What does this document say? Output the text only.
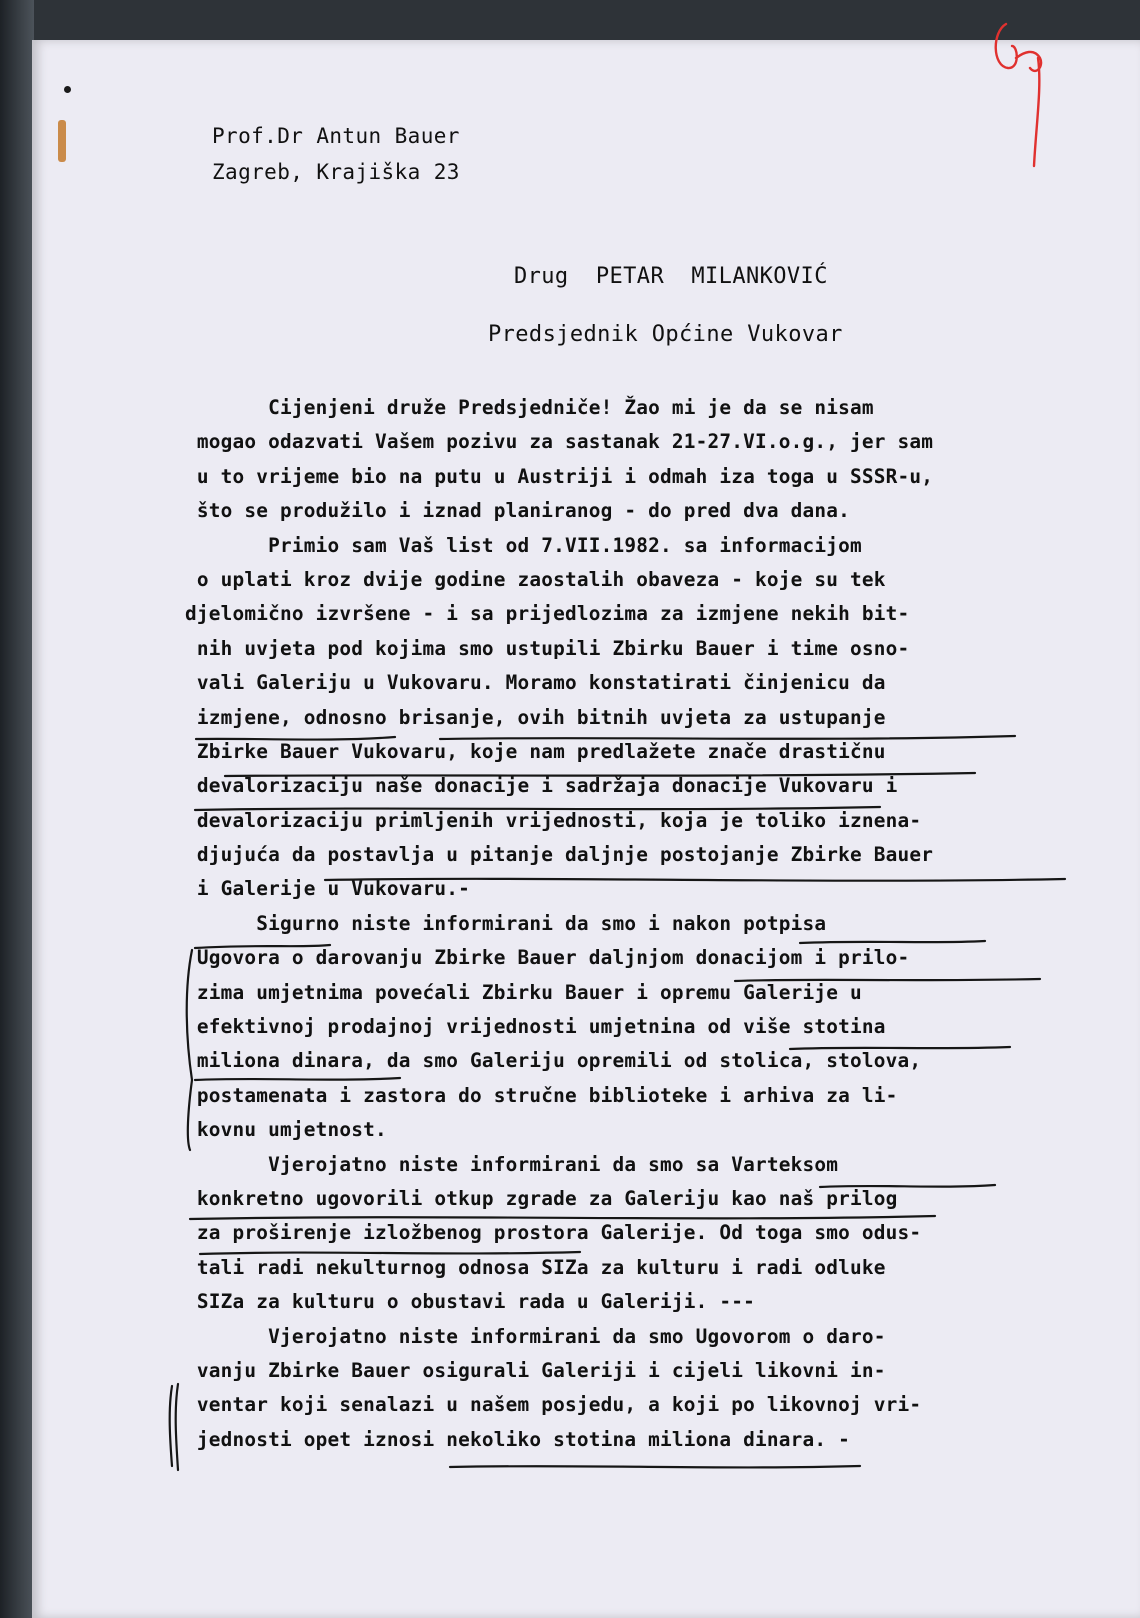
Prof.Dr Antun Bauer
Zagreb, Krajiška 23
Drug  PETAR  MILANKOVIĆ
Predsjednik Općine Vukovar
Cijenjeni druže Predsjedniče! Žao mi je da se nisam
mogao odazvati Vašem pozivu za sastanak 21-27.VI.o.g., jer sam
u to vrijeme bio na putu u Austriji i odmah iza toga u SSSR-u,
što se produžilo i iznad planiranog - do pred dva dana.
Primio sam Vaš list od 7.VII.1982. sa informacijom
o uplati kroz dvije godine zaostalih obaveza - koje su tek
djelomično izvršene - i sa prijedlozima za izmjene nekih bit-
nih uvjeta pod kojima smo ustupili Zbirku Bauer i time osno-
vali Galeriju u Vukovaru. Moramo konstatirati činjenicu da
izmjene, odnosno brisanje, ovih bitnih uvjeta za ustupanje
Zbirke Bauer Vukovaru, koje nam predlažete znače drastičnu
devalorizaciju naše donacije i sadržaja donacije Vukovaru i
devalorizaciju primljenih vrijednosti, koja je toliko iznena-
djujuća da postavlja u pitanje daljnje postojanje Zbirke Bauer
i Galerije u Vukovaru.-
Sigurno niste informirani da smo i nakon potpisa
Ugovora o darovanju Zbirke Bauer daljnjom donacijom i prilo-
zima umjetnima povećali Zbirku Bauer i opremu Galerije u
efektivnoj prodajnoj vrijednosti umjetnina od više stotina
miliona dinara, da smo Galeriju opremili od stolica, stolova,
postamenata i zastora do stručne biblioteke i arhiva za li-
kovnu umjetnost.
Vjerojatno niste informirani da smo sa Varteksom
konkretno ugovorili otkup zgrade za Galeriju kao naš prilog
za proširenje izložbenog prostora Galerije. Od toga smo odus-
tali radi nekulturnog odnosa SIZa za kulturu i radi odluke
SIZa za kulturu o obustavi rada u Galeriji. ---
Vjerojatno niste informirani da smo Ugovorom o daro-
vanju Zbirke Bauer osigurali Galeriji i cijeli likovni in-
ventar koji senalazi u našem posjedu, a koji po likovnoj vri-
jednosti opet iznosi nekoliko stotina miliona dinara. -
